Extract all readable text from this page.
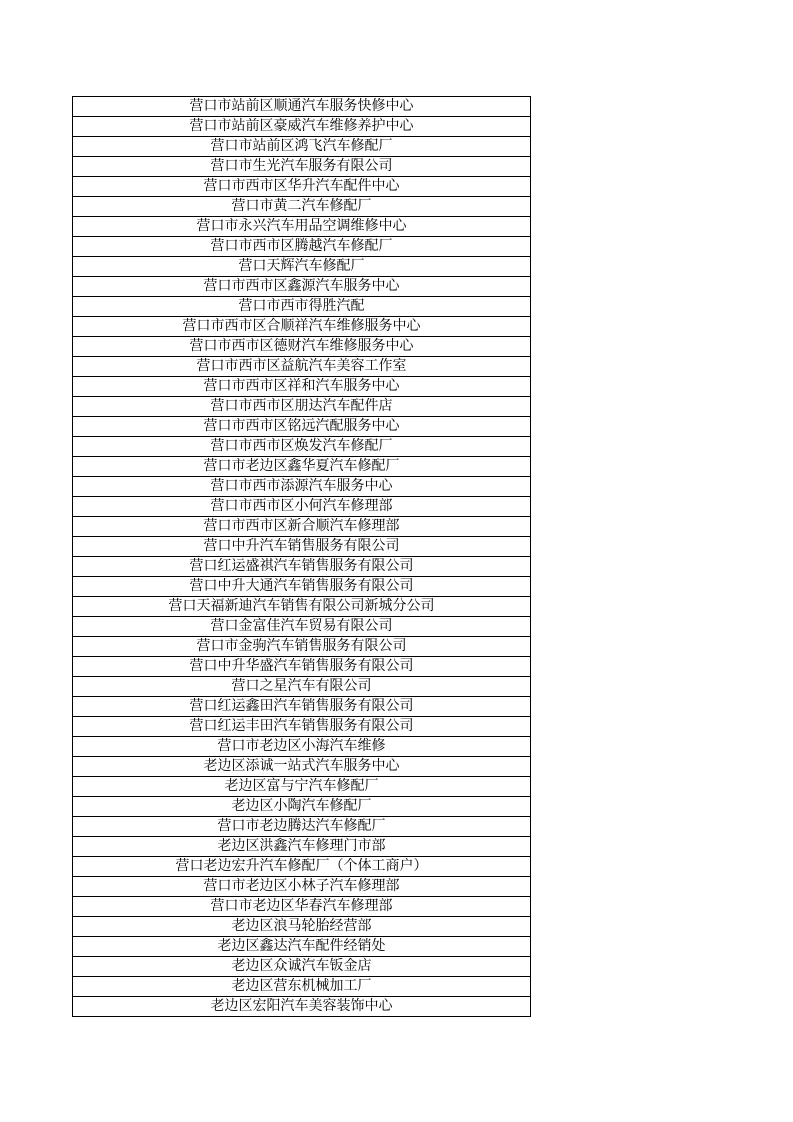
营口市站前区顺通汽车服务快修中心
营口市站前区豪威汽车维修养护中心
营口市站前区鸿飞汽车修配厂
营口市生光汽车服务有限公司
营口市西市区华升汽车配件中心
营口市黄二汽车修配厂
营口市永兴汽车用品空调维修中心
营口市西市区腾越汽车修配厂
营口天辉汽车修配厂
营口市西市区鑫源汽车服务中心
营口市西市得胜汽配
营口市西市区合顺祥汽车维修服务中心
营口市西市区德财汽车维修服务中心
营口市西市区益航汽车美容工作室
营口市西市区祥和汽车服务中心
营口市西市区朋达汽车配件店
营口市西市区铭远汽配服务中心
营口市西市区焕发汽车修配厂
营口市老边区鑫华夏汽车修配厂
营口市西市添源汽车服务中心
营口市西市区小何汽车修理部
营口市西市区新合顺汽车修理部
营口中升汽车销售服务有限公司
营口红运盛祺汽车销售服务有限公司
营口中升大通汽车销售服务有限公司
营口天福新迪汽车销售有限公司新城分公司
营口金富佳汽车贸易有限公司
营口市金驹汽车销售服务有限公司
营口中升华盛汽车销售服务有限公司
营口之星汽车有限公司
营口红运鑫田汽车销售服务有限公司
营口红运丰田汽车销售服务有限公司
营口市老边区小海汽车维修
老边区添诚一站式汽车服务中心
老边区富与宁汽车修配厂
老边区小陶汽车修配厂
营口市老边腾达汽车修配厂
老边区洪鑫汽车修理门市部
营口老边宏升汽车修配厂（个体工商户）
营口市老边区小林子汽车修理部
营口市老边区华春汽车修理部
老边区浪马轮胎经营部
老边区鑫达汽车配件经销处
老边区众诚汽车钣金店
老边区营东机械加工厂
老边区宏阳汽车美容装饰中心
